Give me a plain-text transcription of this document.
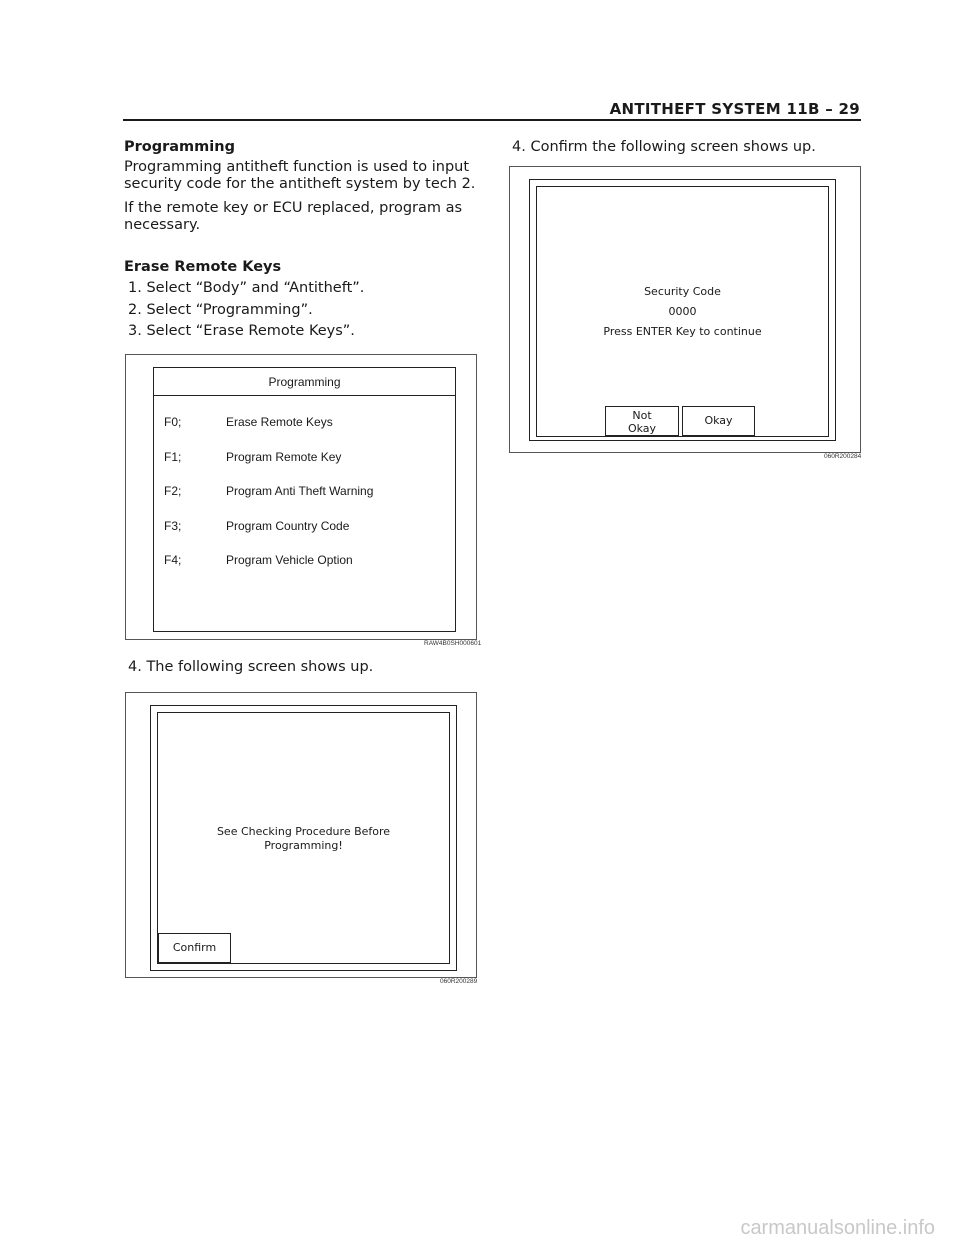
ANTITHEFT SYSTEM 11B – 29
Programming
Programming antitheft function is used to input
security code for the antitheft system by tech 2.
If the remote key or ECU replaced, program as
necessary.
Erase Remote Keys
1. Select “Body” and “Antitheft”.
2. Select “Programming”.
3. Select “Erase Remote Keys”.
Programming
F0;	Erase Remote Keys
F1;	Program Remote Key
F2;	Program Anti Theft Warning
F3;	Program Country Code
F4;	Program Vehicle Option
RAW4B0SH000601
4. The following screen shows up.
See Checking Procedure Before
Programming!
Confirm
060R200289
4. Confirm the following screen shows up.
Security Code
0000
Press ENTER Key to continue
Not
Okay
Okay
060R200284
carmanualsonline.info
